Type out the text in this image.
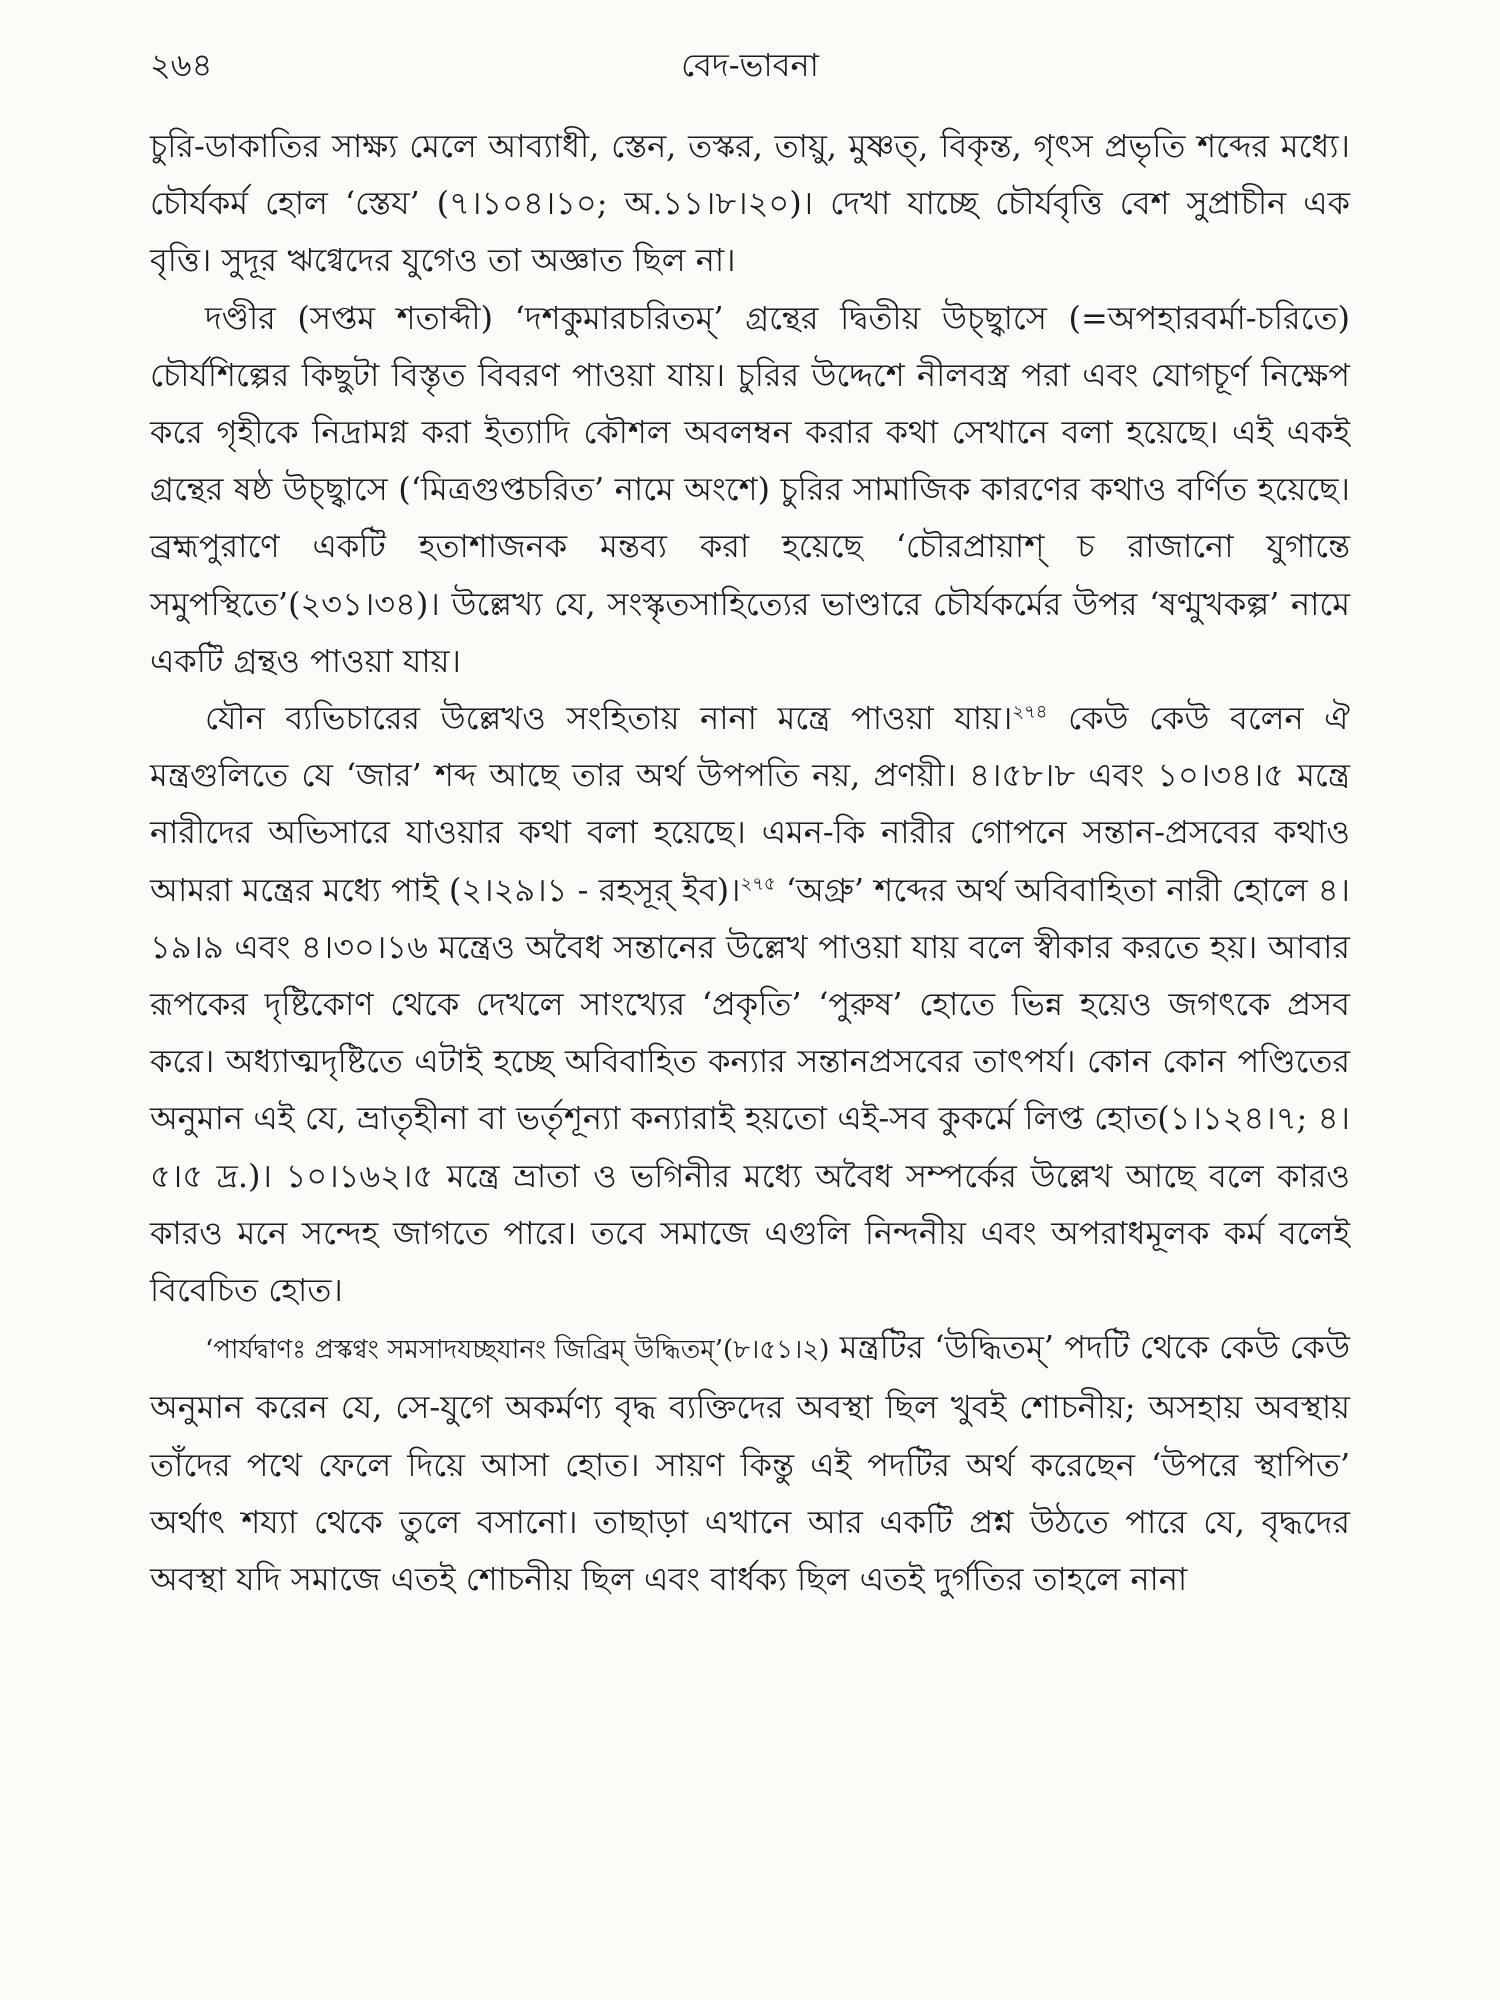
২৬৪	বেদ-ভাবনা

চুরি-ডাকাতির সাক্ষ্য মেলে আব্যাধী, স্তেন, তস্কর, তায়ু, মুষ্ণত্, বিকৃন্ত, গৃৎস প্রভৃতি শব্দের মধ্যে। চৌর্যকর্ম হোল ‘স্তেয’ (৭।১০৪।১০; অ.১১।৮।২০)। দেখা যাচ্ছে চৌর্যবৃত্তি বেশ সুপ্রাচীন এক বৃত্তি। সুদূর ঋগ্বেদের যুগেও তা অজ্ঞাত ছিল না।

দণ্ডীর (সপ্তম শতাব্দী) ‘দশকুমারচরিতম্’ গ্রন্থের দ্বিতীয় উচ্ছ্বাসে (=অপহারবর্মা-চরিতে) চৌর্যশিল্পের কিছুটা বিস্তৃত বিবরণ পাওয়া যায়। চুরির উদ্দেশে নীলবস্ত্র পরা এবং যোগচূর্ণ নিক্ষেপ করে গৃহীকে নিদ্রামগ্ন করা ইত্যাদি কৌশল অবলম্বন করার কথা সেখানে বলা হয়েছে। এই একই গ্রন্থের ষষ্ঠ উচ্ছ্বাসে (‘মিত্রগুপ্তচরিত’ নামে অংশে) চুরির সামাজিক কারণের কথাও বর্ণিত হয়েছে। ব্রহ্মপুরাণে একটি হতাশাজনক মন্তব্য করা হয়েছে ‘চৌরপ্রায়াশ্ চ রাজানো যুগান্তে সমুপস্থিতে’(২৩১।৩৪)। উল্লেখ্য যে, সংস্কৃতসাহিত্যের ভাণ্ডারে চৌর্যকর্মের উপর ‘ষণ্মুখকল্প’ নামে একটি গ্রন্থও পাওয়া যায়।

যৌন ব্যভিচারের উল্লেখও সংহিতায় নানা মন্ত্রে পাওয়া যায়।$^{২৭৪}$ কেউ কেউ বলেন ঐ মন্ত্রগুলিতে যে ‘জার’ শব্দ আছে তার অর্থ উপপতি নয়, প্রণয়ী। ৪।৫৮।৮ এবং ১০।৩৪।৫ মন্ত্রে নারীদের অভিসারে যাওয়ার কথা বলা হয়েছে। এমন-কি নারীর গোপনে সন্তান-প্রসবের কথাও আমরা মন্ত্রের মধ্যে পাই (২।২৯।১ - রহসূর্ ইব)।$^{২৭৫}$ ‘অগ্রু’ শব্দের অর্থ অবিবাহিতা নারী হোলে ৪।১৯।৯ এবং ৪।৩০।১৬ মন্ত্রেও অবৈধ সন্তানের উল্লেখ পাওয়া যায় বলে স্বীকার করতে হয়। আবার রূপকের দৃষ্টিকোণ থেকে দেখলে সাংখ্যের ‘প্রকৃতি’ ‘পুরুষ’ হোতে ভিন্ন হয়েও জগৎকে প্রসব করে। অধ্যাত্মদৃষ্টিতে এটাই হচ্ছে অবিবাহিত কন্যার সন্তানপ্রসবের তাৎপর্য। কোন কোন পণ্ডিতের অনুমান এই যে, ভ্রাতৃহীনা বা ভর্তৃশূন্যা কন্যারাই হয়তো এই-সব কুকর্মে লিপ্ত হোত(১।১২৪।৭; ৪।৫।৫ দ্র.)। ১০।১৬২।৫ মন্ত্রে ভ্রাতা ও ভগিনীর মধ্যে অবৈধ সম্পর্কের উল্লেখ আছে বলে কারও কারও মনে সন্দেহ জাগতে পারে। তবে সমাজে এগুলি নিন্দনীয় এবং অপরাধমূলক কর্ম বলেই বিবেচিত হোত।

‘পার্যদ্বাণঃ প্রস্কণ্বং সমসাদযচ্ছযানং জিব্রিম্ উদ্ধিতম্’(৮।৫১।২) মন্ত্রটির ‘উদ্ধিতম্’ পদটি থেকে কেউ কেউ অনুমান করেন যে, সে-যুগে অকর্মণ্য বৃদ্ধ ব্যক্তিদের অবস্থা ছিল খুবই শোচনীয়; অসহায় অবস্থায় তাঁদের পথে ফেলে দিয়ে আসা হোত। সায়ণ কিন্তু এই পদটির অর্থ করেছেন ‘উপরে স্থাপিত’ অর্থাৎ শয্যা থেকে তুলে বসানো। তাছাড়া এখানে আর একটি প্রশ্ন উঠতে পারে যে, বৃদ্ধদের অবস্থা যদি সমাজে এতই শোচনীয় ছিল এবং বার্ধক্য ছিল এতই দুর্গতির তাহলে নানা
